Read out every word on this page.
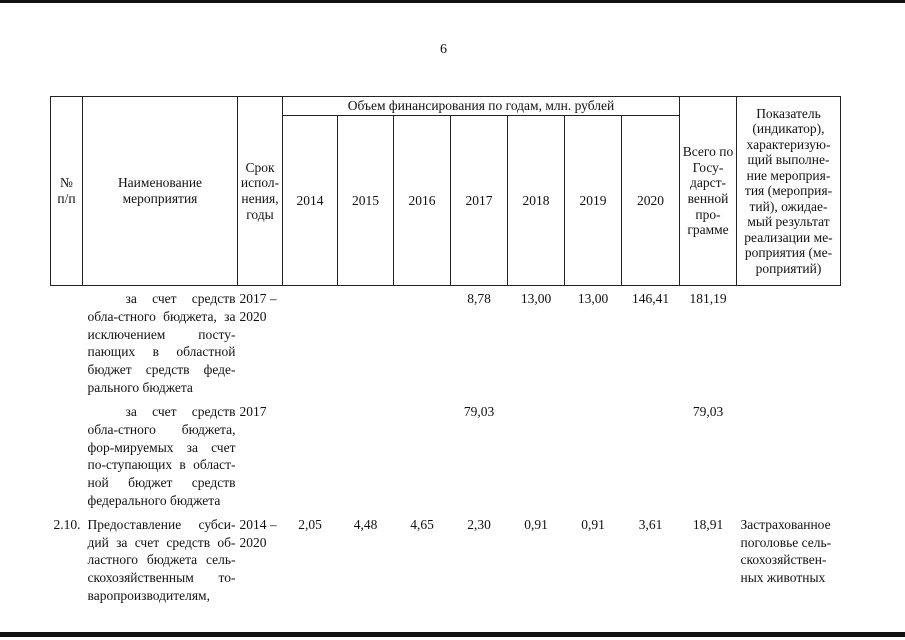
6
№ п/п	Наименование мероприятия	Срок испол-нения, годы	Объем финансирования по годам, млн. рублей							Всего по Госу-дарст-венной про-грамме	Показатель (индикатор), характеризую-щий выполне-ние мероприя-тия (мероприя-тий), ожидае-мый результат реализации ме-роприятия (ме-роприятий)
			2014	2015	2016	2017	2018	2019	2020		
	за счет средств обла-стного бюджета, за исключением посту-пающих в областной бюджет средств феде-рального бюджета	2017 – 2020				8,78	13,00	13,00	146,41	181,19	
	за счет средств обла-стного бюджета, фор-мируемых за счет по-ступающих в област-ной бюджет средств федерального бюджета	2017				79,03				79,03	
2.10.	Предоставление субси-дий за счет средств об-ластного бюджета сель-скохозяйственным то-варопроизводителям,	2014 – 2020	2,05	4,48	4,65	2,30	0,91	0,91	3,61	18,91	Застрахованное поголовье сель-скохозяйствен-ных животных
